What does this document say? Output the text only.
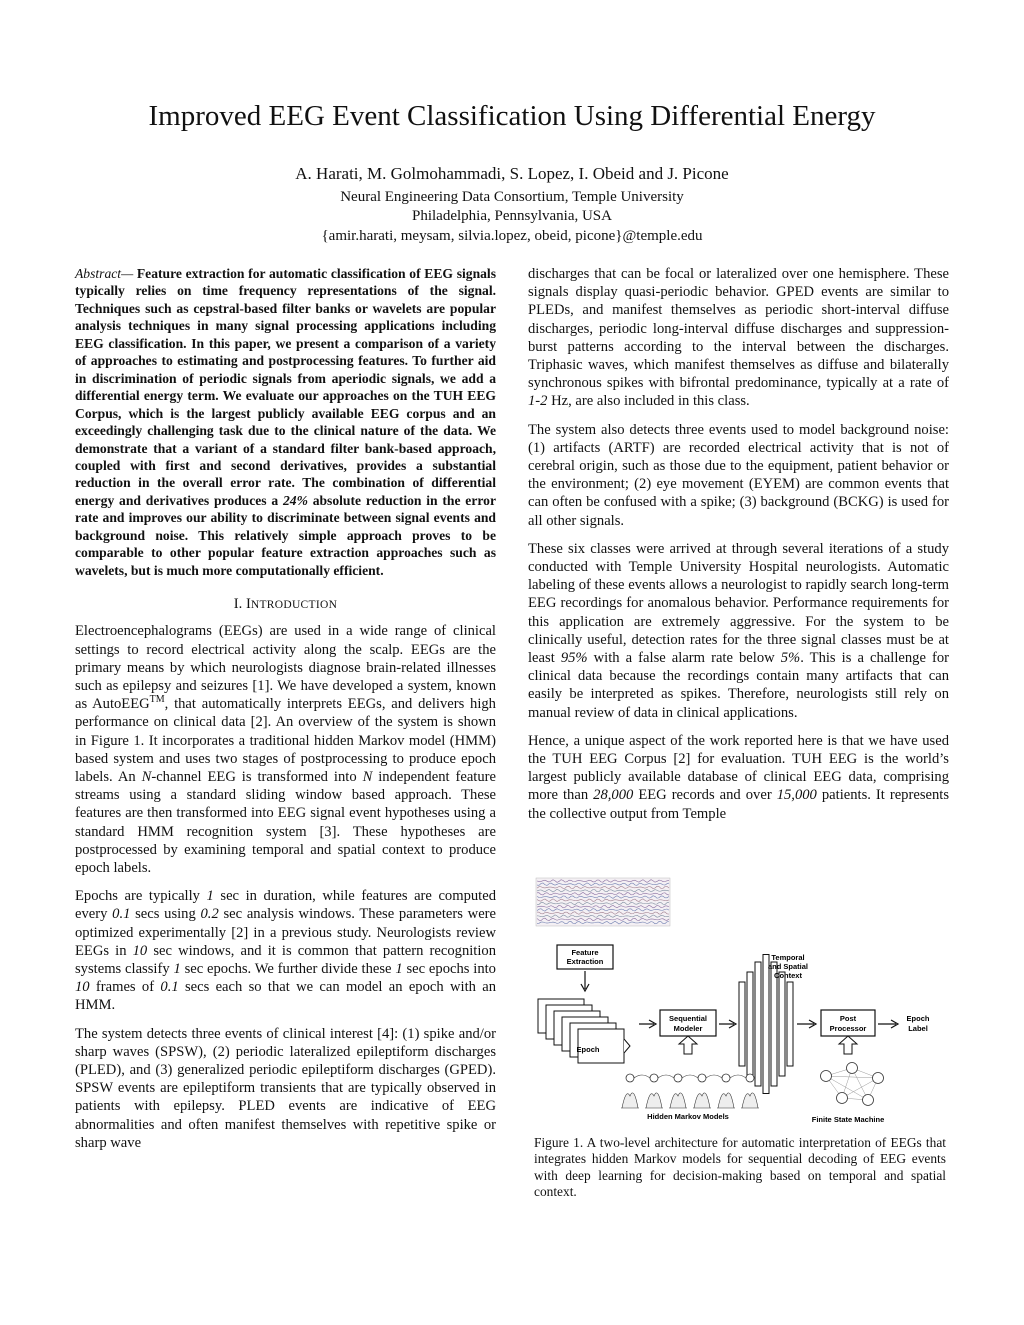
Improved EEG Event Classification Using Differential Energy
A. Harati, M. Golmohammadi, S. Lopez, I. Obeid and J. Picone
Neural Engineering Data Consortium, Temple University
Philadelphia, Pennsylvania, USA
{amir.harati, meysam, silvia.lopez, obeid, picone}@temple.edu

Abstract— Feature extraction for automatic classification of EEG signals typically relies on time frequency representations of the signal. Techniques such as cepstral-based filter banks or wavelets are popular analysis techniques in many signal processing applications including EEG classification. In this paper, we present a comparison of a variety of approaches to estimating and postprocessing features. To further aid in discrimination of periodic signals from aperiodic signals, we add a differential energy term. We evaluate our approaches on the TUH EEG Corpus, which is the largest publicly available EEG corpus and an exceedingly challenging task due to the clinical nature of the data. We demonstrate that a variant of a standard filter bank-based approach, coupled with first and second derivatives, provides a substantial reduction in the overall error rate. The combination of differential energy and derivatives produces a 24% absolute reduction in the error rate and improves our ability to discriminate between signal events and background noise. This relatively simple approach proves to be comparable to other popular feature extraction approaches such as wavelets, but is much more computationally efficient.

I. INTRODUCTION

Electroencephalograms (EEGs) are used in a wide range of clinical settings to record electrical activity along the scalp. EEGs are the primary means by which neurologists diagnose brain-related illnesses such as epilepsy and seizures [1]. We have developed a system, known as AutoEEG™, that automatically interprets EEGs, and delivers high performance on clinical data [2]. An overview of the system is shown in Figure 1. It incorporates a traditional hidden Markov model (HMM) based system and uses two stages of postprocessing to produce epoch labels. An N-channel EEG is transformed into N independent feature streams using a standard sliding window based approach. These features are then transformed into EEG signal event hypotheses using a standard HMM recognition system [3]. These hypotheses are postprocessed by examining temporal and spatial context to produce epoch labels.

Epochs are typically 1 sec in duration, while features are computed every 0.1 secs using 0.2 sec analysis windows. These parameters were optimized experimentally [2] in a previous study. Neurologists review EEGs in 10 sec windows, and it is common that pattern recognition systems classify 1 sec epochs. We further divide these 1 sec epochs into 10 frames of 0.1 secs each so that we can model an epoch with an HMM.

The system detects three events of clinical interest [4]: (1) spike and/or sharp waves (SPSW), (2) periodic lateralized epileptiform discharges (PLED), and (3) generalized periodic epileptiform discharges (GPED). SPSW events are epileptiform transients that are typically observed in patients with epilepsy. PLED events are indicative of EEG abnormalities and often manifest themselves with repetitive spike or sharp wave

discharges that can be focal or lateralized over one hemisphere. These signals display quasi-periodic behavior. GPED events are similar to PLEDs, and manifest themselves as periodic short-interval diffuse discharges, periodic long-interval diffuse discharges and suppression-burst patterns according to the interval between the discharges. Triphasic waves, which manifest themselves as diffuse and bilaterally synchronous spikes with bifrontal predominance, typically at a rate of 1-2 Hz, are also included in this class.

The system also detects three events used to model background noise: (1) artifacts (ARTF) are recorded electrical activity that is not of cerebral origin, such as those due to the equipment, patient behavior or the environment; (2) eye movement (EYEM) are common events that can often be confused with a spike; (3) background (BCKG) is used for all other signals.

These six classes were arrived at through several iterations of a study conducted with Temple University Hospital neurologists. Automatic labeling of these events allows a neurologist to rapidly search long-term EEG recordings for anomalous behavior. Performance requirements for this application are extremely aggressive. For the system to be clinically useful, detection rates for the three signal classes must be at least 95% with a false alarm rate below 5%. This is a challenge for clinical data because the recordings contain many artifacts that can easily be interpreted as spikes. Therefore, neurologists still rely on manual review of data in clinical applications.

Hence, a unique aspect of the work reported here is that we have used the TUH EEG Corpus [2] for evaluation. TUH EEG is the world’s largest publicly available database of clinical EEG data, comprising more than 28,000 EEG records and over 15,000 patients. It represents the collective output from Temple

Feature
Extraction
Epoch
Sequential
Modeler
Temporal
and Spatial
Context
Post
Processor
Epoch
Label
Hidden Markov Models	Finite State Machine
Figure 1. A two-level architecture for automatic interpretation of EEGs that integrates hidden Markov models for sequential decoding of EEG events with deep learning for decision-making based on temporal and spatial context.
